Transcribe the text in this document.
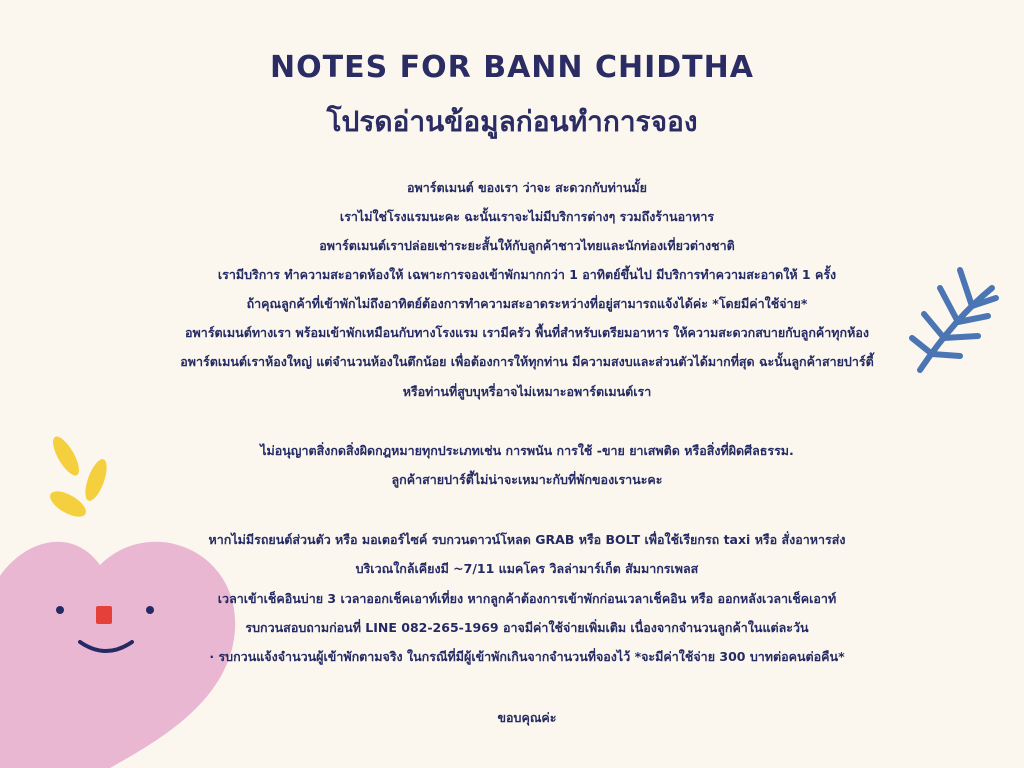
NOTES FOR BANN CHIDTHA
โปรดอ่านข้อมูลก่อนทำการจอง
อพาร์ตเมนต์ ของเรา ว่าจะ สะดวกกับท่านมั้ย
เราไม่ใช่โรงแรมนะคะ ฉะนั้นเราจะไม่มีบริการต่างๆ รวมถึงร้านอาหาร
อพาร์ตเมนต์เราปล่อยเช่าระยะสั้นให้กับลูกค้าชาวไทยและนักท่องเที่ยวต่างชาติ
เรามีบริการ ทำความสะอาดห้องให้ เฉพาะการจองเข้าพักมากกว่า 1 อาทิตย์ขึ้นไป มีบริการทำความสะอาดให้ 1 ครั้ง
ถ้าคุณลูกค้าที่เข้าพักไม่ถึงอาทิตย์ต้องการทำความสะอาดระหว่างที่อยู่สามารถแจ้งได้ค่ะ *โดยมีค่าใช้จ่าย*
อพาร์ตเมนต์ทางเรา พร้อมเข้าพักเหมือนกับทางโรงแรม เรามีครัว พื้นที่สำหรับเตรียมอาหาร ให้ความสะดวกสบายกับลูกค้าทุกห้อง
อพาร์ตเมนต์เราห้องใหญ่ แต่จำนวนห้องในตึกน้อย เพื่อต้องการให้ทุกท่าน มีความสงบและส่วนตัวได้มากที่สุด ฉะนั้นลูกค้าสายปาร์ตี้
หรือท่านที่สูบบุหรี่อาจไม่เหมาะอพาร์ตเมนต์เรา
ไม่อนุญาตสิ่งกดสิ่งผิดกฎหมายทุกประเภทเช่น การพนัน การใช้ -ขาย ยาเสพติด หรือสิ่งที่ผิดศีลธรรม.
ลูกค้าสายปาร์ตี้ไม่น่าจะเหมาะกับที่พักของเรานะคะ
หากไม่มีรถยนต์ส่วนตัว หรือ มอเตอร์ไซค์ รบกวนดาวน์โหลด GRAB หรือ BOLT เพื่อใช้เรียกรถ taxi หรือ สั่งอาหารส่ง
บริเวณใกล้เคียงมี ~7/11 แมคโคร วิลล่ามาร์เก็ต สัมมากรเพลส
เวลาเข้าเช็คอินบ่าย 3 เวลาออกเช็คเอาท์เที่ยง หากลูกค้าต้องการเข้าพักก่อนเวลาเช็คอิน หรือ ออกหลังเวลาเช็คเอาท์
รบกวนสอบถามก่อนที่ LINE 082-265-1969 อาจมีค่าใช้จ่ายเพิ่มเติม เนื่องจากจำนวนลูกค้าในแต่ละวัน
· รบกวนแจ้งจำนวนผู้เข้าพักตามจริง ในกรณีที่มีผู้เข้าพักเกินจากจำนวนที่จองไว้ *จะมีค่าใช้จ่าย 300 บาทต่อคนต่อคืน*
ขอบคุณค่ะ
